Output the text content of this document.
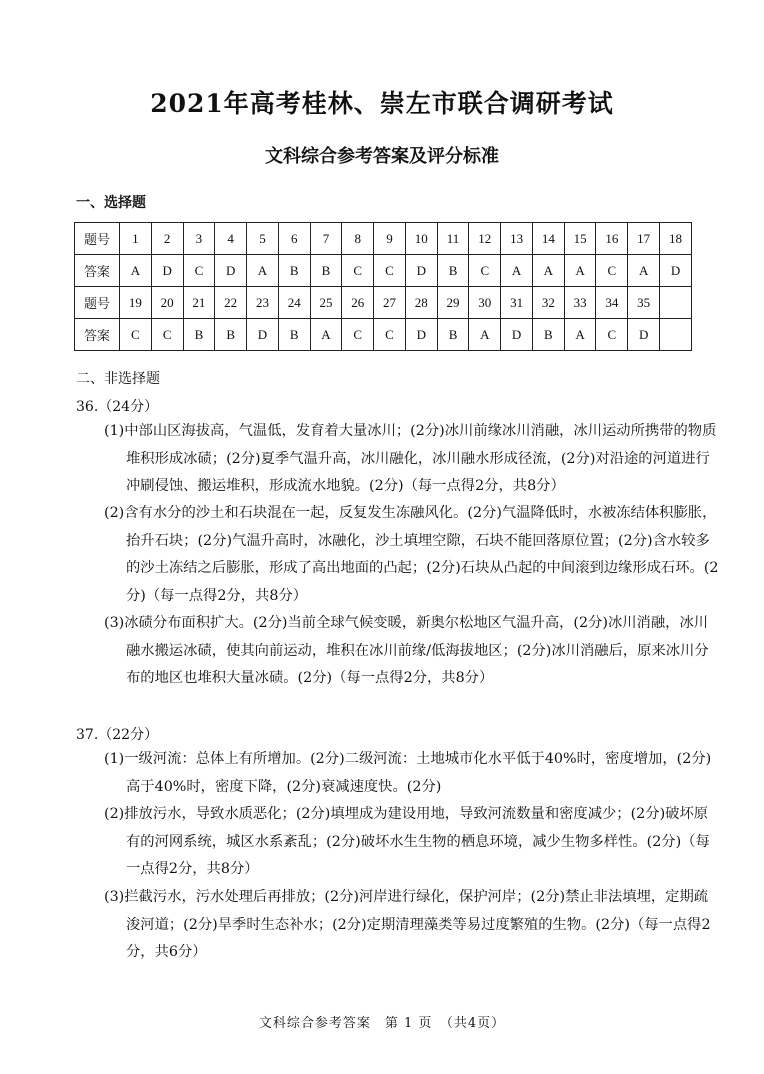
2021年高考桂林、崇左市联合调研考试
文科综合参考答案及评分标准
一、选择题
题号	1	2	3	4	5	6	7	8	9	10	11	12	13	14	15	16	17	18
答案	A	D	C	D	A	B	B	C	C	D	B	C	A	A	A	C	A	D
题号	19	20	21	22	23	24	25	26	27	28	29	30	31	32	33	34	35	
答案	C	C	B	B	D	B	A	C	C	D	B	A	D	B	A	C	D	
二、非选择题
36.（24分）
(1)中部山区海拔高，气温低，发育着大量冰川；(2分)冰川前缘冰川消融，冰川运动所携带的物质堆积形成冰碛；(2分)夏季气温升高，冰川融化，冰川融水形成径流，(2分)对沿途的河道进行冲刷侵蚀、搬运堆积，形成流水地貌。(2分)（每一点得2分，共8分）
(2)含有水分的沙土和石块混在一起，反复发生冻融风化。(2分)气温降低时，水被冻结体积膨胀，抬升石块；(2分)气温升高时，冰融化，沙土填埋空隙，石块不能回落原位置；(2分)含水较多的沙土冻结之后膨胀，形成了高出地面的凸起；(2分)石块从凸起的中间滚到边缘形成石环。(2分)（每一点得2分，共8分）
(3)冰碛分布面积扩大。(2分)当前全球气候变暖，新奥尔松地区气温升高，(2分)冰川消融，冰川融水搬运冰碛，使其向前运动，堆积在冰川前缘/低海拔地区；(2分)冰川消融后，原来冰川分布的地区也堆积大量冰碛。(2分)（每一点得2分，共8分）
37.（22分）
(1)一级河流：总体上有所增加。(2分)二级河流：土地城市化水平低于40%时，密度增加，(2分)高于40%时，密度下降，(2分)衰减速度快。(2分)
(2)排放污水，导致水质恶化；(2分)填埋成为建设用地，导致河流数量和密度减少；(2分)破坏原有的河网系统，城区水系紊乱；(2分)破坏水生生物的栖息环境，减少生物多样性。(2分)（每一点得2分，共8分）
(3)拦截污水，污水处理后再排放；(2分)河岸进行绿化，保护河岸；(2分)禁止非法填埋，定期疏浚河道；(2分)旱季时生态补水；(2分)定期清理藻类等易过度繁殖的生物。(2分)（每一点得2分，共6分）
文科综合参考答案　第 1 页　（共4页）
